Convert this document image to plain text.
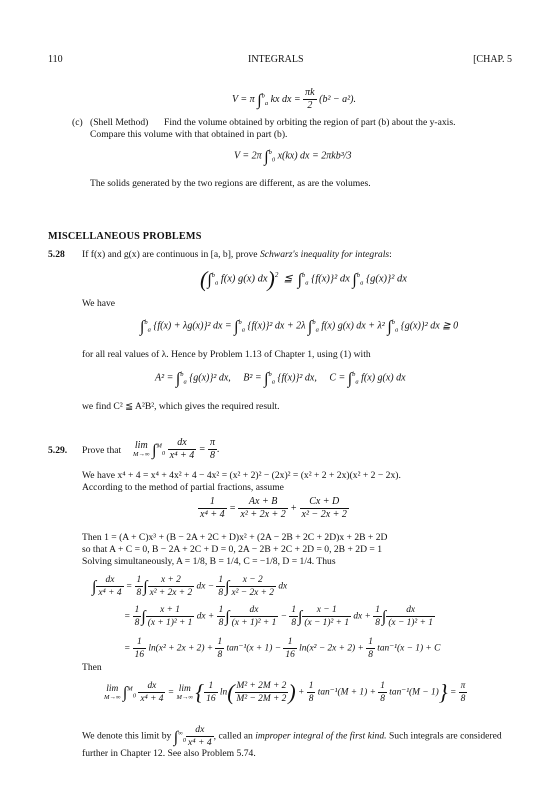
110	INTEGRALS	[CHAP. 5
V = π ∫$^b_a$ kx dx = $\frac{\pi k}{2} (b^2 - a^2)$.
(c) (Shell Method) Find the volume obtained by orbiting the region of part (b) about the y-axis.
Compare this volume with that obtained in part (b).
V = 2π ∫$^b_0$ x(kx) dx = 2πkb³/3
The solids generated by the two regions are different, as are the volumes.
MISCELLANEOUS PROBLEMS
5.28 If f(x) and g(x) are continuous in [a, b], prove Schwarz's inequality for integrals:
(∫$^b_a$ f(x) g(x) dx)$^2$  ≦  ∫$^b_a$ {f(x)}² dx ∫$^b_a$ {g(x)}² dx
We have
∫$^b_a$ {f(x) + λg(x)}² dx = ∫$^b_a$ {f(x)}² dx + 2λ ∫$^b_a$ f(x) g(x) dx + λ² ∫$^b_a$ {g(x)}² dx ≧ 0
for all real values of λ. Hence by Problem 1.13 of Chapter 1, using (1) with
A² = ∫$^b_a$ {g(x)}² dx,     B² = ∫$^b_a$ {f(x)}² dx,     C = ∫$^b_a$ f(x) g(x) dx
we find C² ≦ A²B², which gives the required result.
5.29. Prove that lim
M→∞ $\int^M_0 \frac{dx}{\text{x⁴ + 4}} = \frac{\pi}{8}$ .
We have x⁴ + 4 = x⁴ + 4x² + 4 − 4x² = (x² + 2)² − (2x)² = (x² + 2 + 2x)(x² + 2 − 2x).
According to the method of partial fractions, assume
$\frac{1}{\text{x⁴ + 4}} = \frac{Ax + B}{\text{x² + 2x + 2}} + \frac{Cx + D}{\text{x² − 2x + 2}}$
Then 1 = (A + C)x³ + (B − 2A + 2C + D)x² + (2A − 2B + 2C + 2D)x + 2B + 2D
so that A + C = 0, B − 2A + 2C + D = 0, 2A − 2B + 2C + 2D = 0, 2B + 2D = 1
Solving simultaneously, A = 1/8, B = 1/4, C = −1/8, D = 1/4. Thus
∫ $\frac{dx}{\text{x⁴ + 4}} = \frac{1}{8}$ ∫ $\frac{x + 2}{\text{x² + 2x + 2}}$ dx − $\frac{1}{8}$ ∫ $\frac{x - 2}{\text{x² − 2x + 2}}$ dx
= $\frac{1}{8}$ ∫ $\frac{x + 1}{\text{(x + 1)² + 1}}$ dx + $\frac{1}{8}$ ∫ $\frac{dx}{\text{(x + 1)² + 1}} - \frac{1}{8}$ ∫ $\frac{x - 1}{\text{(x − 1)² + 1}}$ dx + $\frac{1}{8}$ ∫ $\frac{dx}{\text{(x − 1)² + 1}}$
= $\frac{1}{16} \ln(x^2 + 2x + 2) + \frac{1}{8} \tan^{-1}(x + 1) - \frac{1}{16} \ln(x^2 - 2x + 2) + \frac{1}{8} \tan^{-1}(x - 1) + C$
Then
lim
M→∞ $\int^M_0 \frac{dx}{\text{x⁴ + 4}} = \lim$
M→∞ { $\frac{1}{16} \ln( \frac{\text{M² + 2M + 2}}{\text{M² − 2M + 2}}$ ) + $\frac{1}{8} \tan^{-1}(M + 1) + \frac{1}{8} \tan^{-1}(M - 1)\} = \frac{\pi}{8}$
We denote this limit by $\int^\infty_0 \frac{dx}{\text{x⁴ + 4}}$ , called an improper integral of the first kind. Such integrals are considered
further in Chapter 12. See also Problem 5.74.
